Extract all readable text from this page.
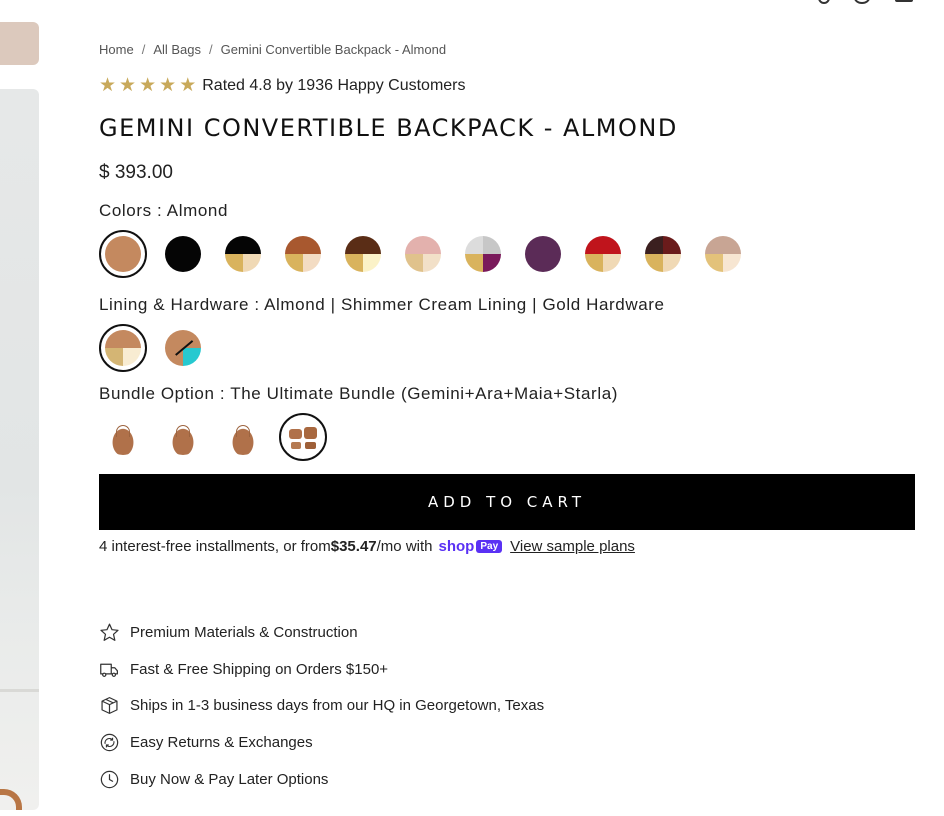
Home / All Bags / Gemini Convertible Backpack - Almond
★ ★ ★ ★ ★ Rated 4.8 by 1936 Happy Customers
GEMINI CONVERTIBLE BACKPACK - ALMOND
$ 393.00
Colors : Almond
Lining & Hardware : Almond | Shimmer Cream Lining | Gold Hardware
Bundle Option : The Ultimate Bundle (Gemini+Ara+Maia+Starla)
ADD TO CART
4 interest-free installments, or from $35.47 /mo with shop Pay View sample plans
Premium Materials & Construction
Fast & Free Shipping on Orders $150+
Ships in 1-3 business days from our HQ in Georgetown, Texas
Easy Returns & Exchanges
Buy Now & Pay Later Options
